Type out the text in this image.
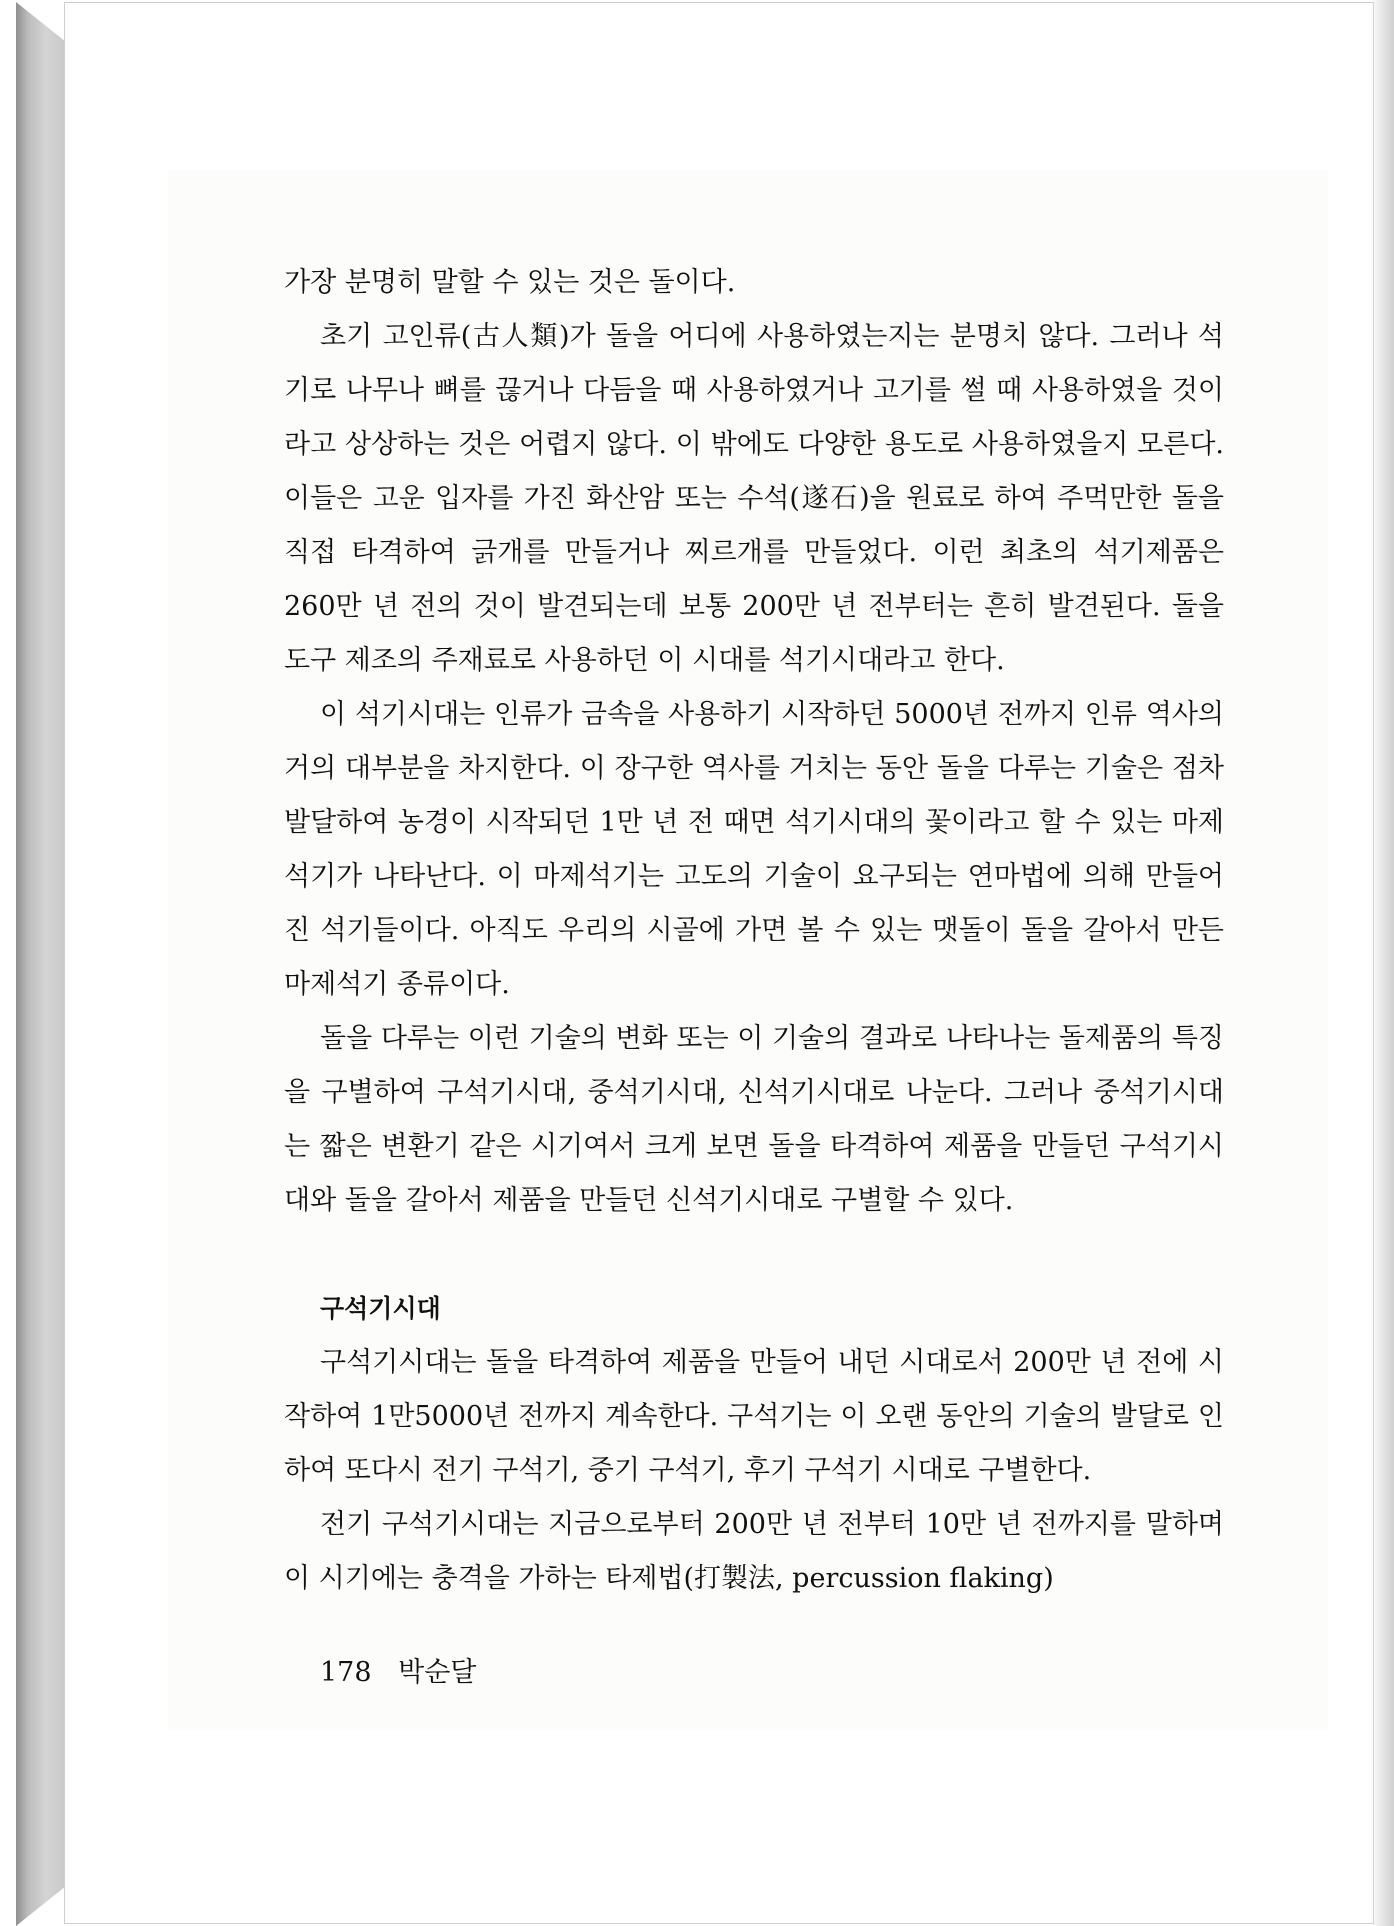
가장 분명히 말할 수 있는 것은 돌이다.

초기 고인류(古人類)가 돌을 어디에 사용하였는지는 분명치 않다. 그러나 석기로 나무나 뼈를 끊거나 다듬을 때 사용하였거나 고기를 썰 때 사용하였을 것이라고 상상하는 것은 어렵지 않다. 이 밖에도 다양한 용도로 사용하였을지 모른다. 이들은 고운 입자를 가진 화산암 또는 수석(遂石)을 원료로 하여 주먹만한 돌을 직접 타격하여 긁개를 만들거나 찌르개를 만들었다. 이런 최초의 석기제품은 260만 년 전의 것이 발견되는데 보통 200만 년 전부터는 흔히 발견된다. 돌을 도구 제조의 주재료로 사용하던 이 시대를 석기시대라고 한다.

이 석기시대는 인류가 금속을 사용하기 시작하던 5000년 전까지 인류 역사의 거의 대부분을 차지한다. 이 장구한 역사를 거치는 동안 돌을 다루는 기술은 점차 발달하여 농경이 시작되던 1만 년 전 때면 석기시대의 꽃이라고 할 수 있는 마제석기가 나타난다. 이 마제석기는 고도의 기술이 요구되는 연마법에 의해 만들어진 석기들이다. 아직도 우리의 시골에 가면 볼 수 있는 맷돌이 돌을 갈아서 만든 마제석기 종류이다.

돌을 다루는 이런 기술의 변화 또는 이 기술의 결과로 나타나는 돌제품의 특징을 구별하여 구석기시대, 중석기시대, 신석기시대로 나눈다. 그러나 중석기시대는 짧은 변환기 같은 시기여서 크게 보면 돌을 타격하여 제품을 만들던 구석기시대와 돌을 갈아서 제품을 만들던 신석기시대로 구별할 수 있다.

구석기시대

구석기시대는 돌을 타격하여 제품을 만들어 내던 시대로서 200만 년 전에 시작하여 1만5000년 전까지 계속한다. 구석기는 이 오랜 동안의 기술의 발달로 인하여 또다시 전기 구석기, 중기 구석기, 후기 구석기 시대로 구별한다.

전기 구석기시대는 지금으로부터 200만 년 전부터 10만 년 전까지를 말하며 이 시기에는 충격을 가하는 타제법(打製法, percussion flaking)

178 박순달
